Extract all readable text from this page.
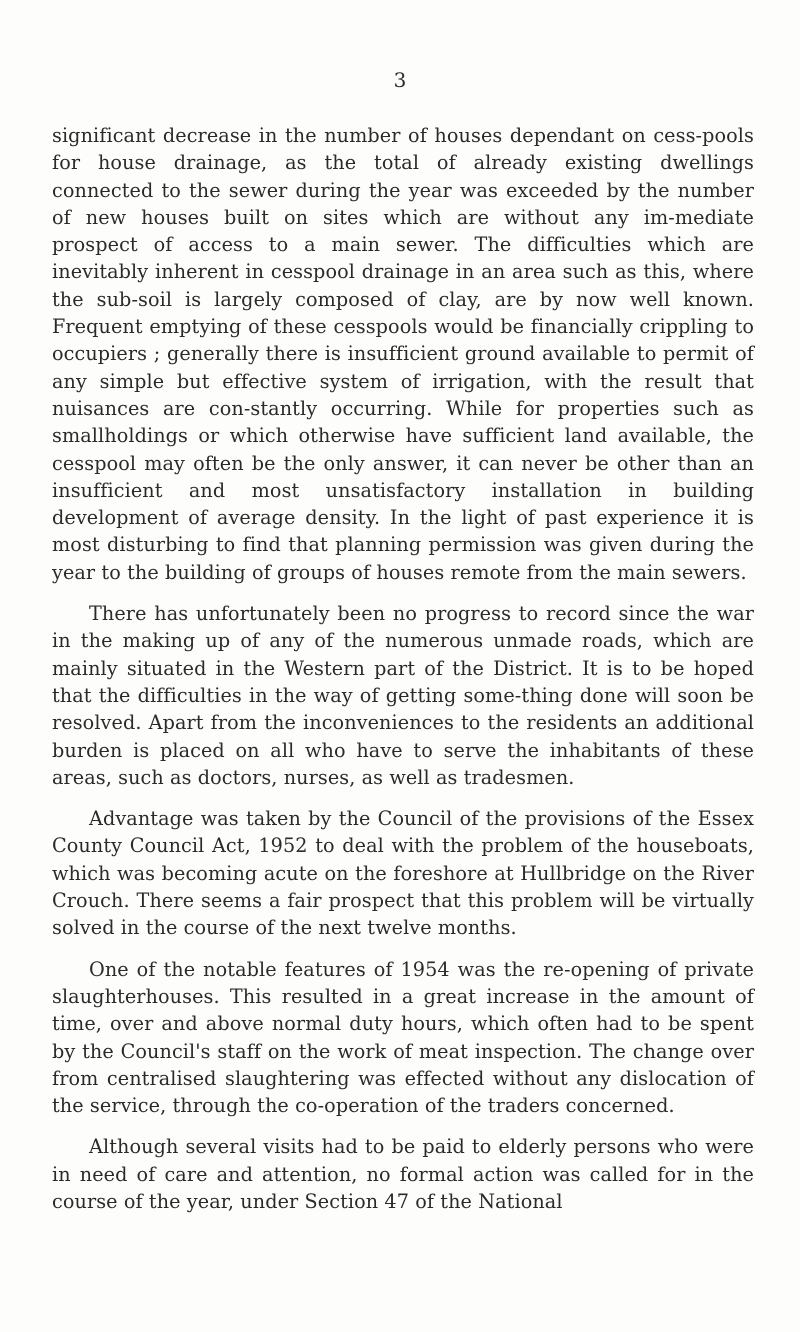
3

significant decrease in the number of houses dependant on cess-pools for house drainage, as the total of already existing dwellings connected to the sewer during the year was exceeded by the number of new houses built on sites which are without any im-mediate prospect of access to a main sewer. The difficulties which are inevitably inherent in cesspool drainage in an area such as this, where the sub-soil is largely composed of clay, are by now well known. Frequent emptying of these cesspools would be financially crippling to occupiers ; generally there is insufficient ground available to permit of any simple but effective system of irrigation, with the result that nuisances are con-stantly occurring. While for properties such as smallholdings or which otherwise have sufficient land available, the cesspool may often be the only answer, it can never be other than an insufficient and most unsatisfactory installation in building development of average density. In the light of past experience it is most disturbing to find that planning permission was given during the year to the building of groups of houses remote from the main sewers.

There has unfortunately been no progress to record since the war in the making up of any of the numerous unmade roads, which are mainly situated in the Western part of the District. It is to be hoped that the difficulties in the way of getting some-thing done will soon be resolved. Apart from the inconveniences to the residents an additional burden is placed on all who have to serve the inhabitants of these areas, such as doctors, nurses, as well as tradesmen.

Advantage was taken by the Council of the provisions of the Essex County Council Act, 1952 to deal with the problem of the houseboats, which was becoming acute on the foreshore at Hullbridge on the River Crouch. There seems a fair prospect that this problem will be virtually solved in the course of the next twelve months.

One of the notable features of 1954 was the re-opening of private slaughterhouses. This resulted in a great increase in the amount of time, over and above normal duty hours, which often had to be spent by the Council's staff on the work of meat inspection. The change over from centralised slaughtering was effected without any dislocation of the service, through the co-operation of the traders concerned.

Although several visits had to be paid to elderly persons who were in need of care and attention, no formal action was called for in the course of the year, under Section 47 of the National
